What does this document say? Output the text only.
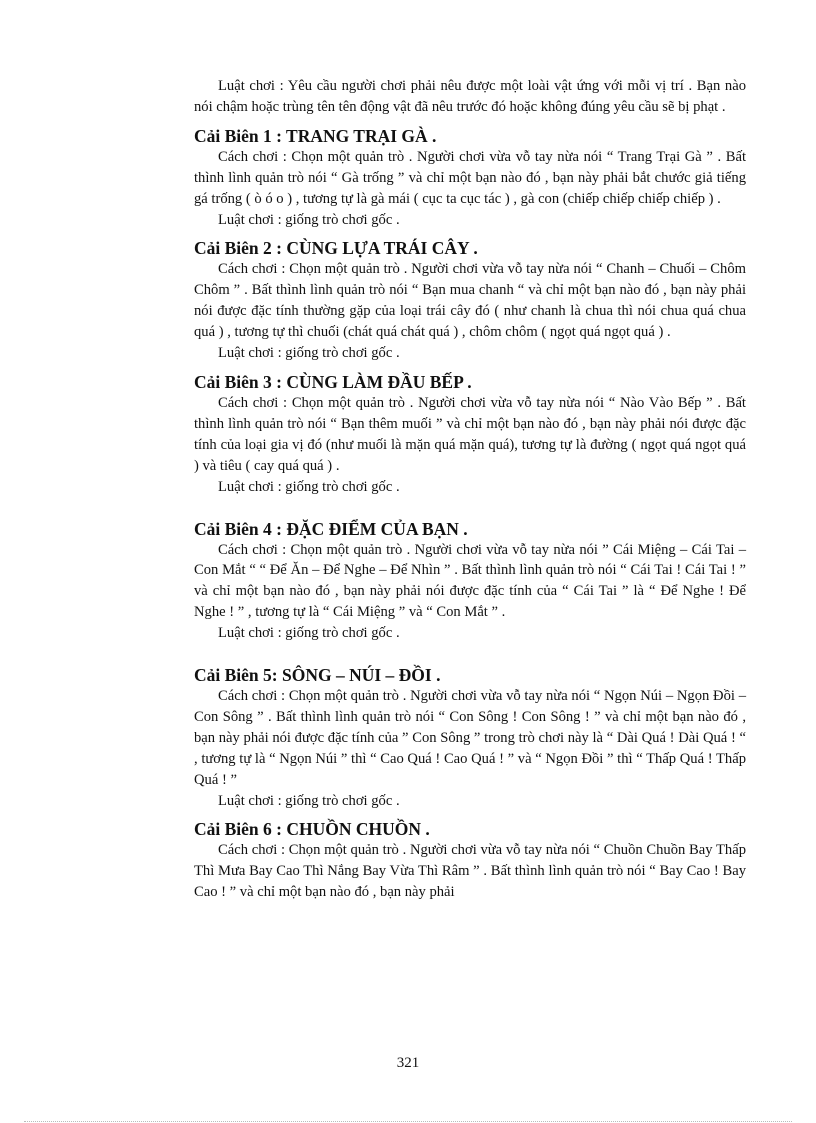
Luật chơi : Yêu cầu người chơi phải nêu được một loài vật ứng với mỗi vị trí . Bạn nào nói chậm hoặc trùng tên tên động vật đã nêu trước đó hoặc không đúng yêu cầu sẽ bị phạt .

Cải Biên 1 : TRANG TRẠI GÀ .

Cách chơi : Chọn một quản trò . Người chơi vừa vỗ tay nừa nói “ Trang Trại Gà ” . Bất thình lình quản trò nói “ Gà trống ” và chỉ một bạn nào đó , bạn này phải bắt chước giả tiếng gá trống ( ò ó o ) , tương tự là gà mái ( cục ta cục tác ) , gà con (chiếp chiếp chiếp chiếp ) .

Luật chơi : giống trò chơi gốc .

Cải Biên 2 : CÙNG LỰA TRÁI CÂY .

Cách chơi : Chọn một quản trò . Người chơi vừa vỗ tay nừa nói “ Chanh – Chuối – Chôm Chôm ” . Bất thình lình quản trò nói “ Bạn mua chanh “ và chỉ một bạn nào đó , bạn này phải nói được đặc tính thường gặp của loại trái cây đó ( như chanh là chua thì nói chua quá chua quá ) , tương tự thì chuối (chát quá chát quá ) , chôm chôm ( ngọt quá ngọt quá ) .

Luật chơi : giống trò chơi gốc .

Cải Biên 3 : CÙNG LÀM ĐẦU BẾP .

Cách chơi : Chọn một quản trò . Người chơi vừa vỗ tay nừa nói “ Nào Vào Bếp ” . Bất thình lình quản trò nói “ Bạn thêm muối ” và chỉ một bạn nào đó , bạn này phải nói được đặc tính của loại gia vị đó (như muối là mặn quá mặn quá), tương tự là đường ( ngọt quá ngọt quá ) và tiêu ( cay quá quá ) .

Luật chơi : giống trò chơi gốc .

Cải Biên 4 : ĐẶC ĐIỂM CỦA BẠN .

Cách chơi : Chọn một quản trò . Người chơi vừa vỗ tay nừa nói ” Cái Miệng – Cái Tai – Con Mắt “ “ Để Ăn – Để Nghe – Để Nhìn ” . Bất thình lình quản trò nói “ Cái Tai ! Cái Tai ! ” và chỉ một bạn nào đó , bạn này phải nói được đặc tính của “ Cái Tai ” là “ Để Nghe ! Để Nghe ! ” , tương tự là “ Cái Miệng ” và “ Con Mắt ” .

Luật chơi : giống trò chơi gốc .

Cải Biên 5: SÔNG – NÚI – ĐỒI .

Cách chơi : Chọn một quản trò . Người chơi vừa vỗ tay nừa nói “ Ngọn Núi – Ngọn Đồi – Con Sông ” . Bất thình lình quản trò nói “ Con Sông ! Con Sông ! ” và chỉ một bạn nào đó , bạn này phải nói được đặc tính của ” Con Sông ” trong trò chơi này là “ Dài Quá ! Dài Quá ! “ , tương tự là “ Ngọn Núi ” thì “ Cao Quá ! Cao Quá ! ” và “ Ngọn Đồi ” thì “ Thấp Quá ! Thấp Quá ! ”

Luật chơi : giống trò chơi gốc .

Cải Biên 6 : CHUỒN CHUỒN .

Cách chơi : Chọn một quản trò . Người chơi vừa vỗ tay nừa nói “ Chuồn Chuồn Bay Thấp Thì Mưa Bay Cao Thì Nắng Bay Vừa Thì Râm ” . Bất thình lình quản trò nói “ Bay Cao ! Bay Cao ! ” và chỉ một bạn nào đó , bạn này phải

321
